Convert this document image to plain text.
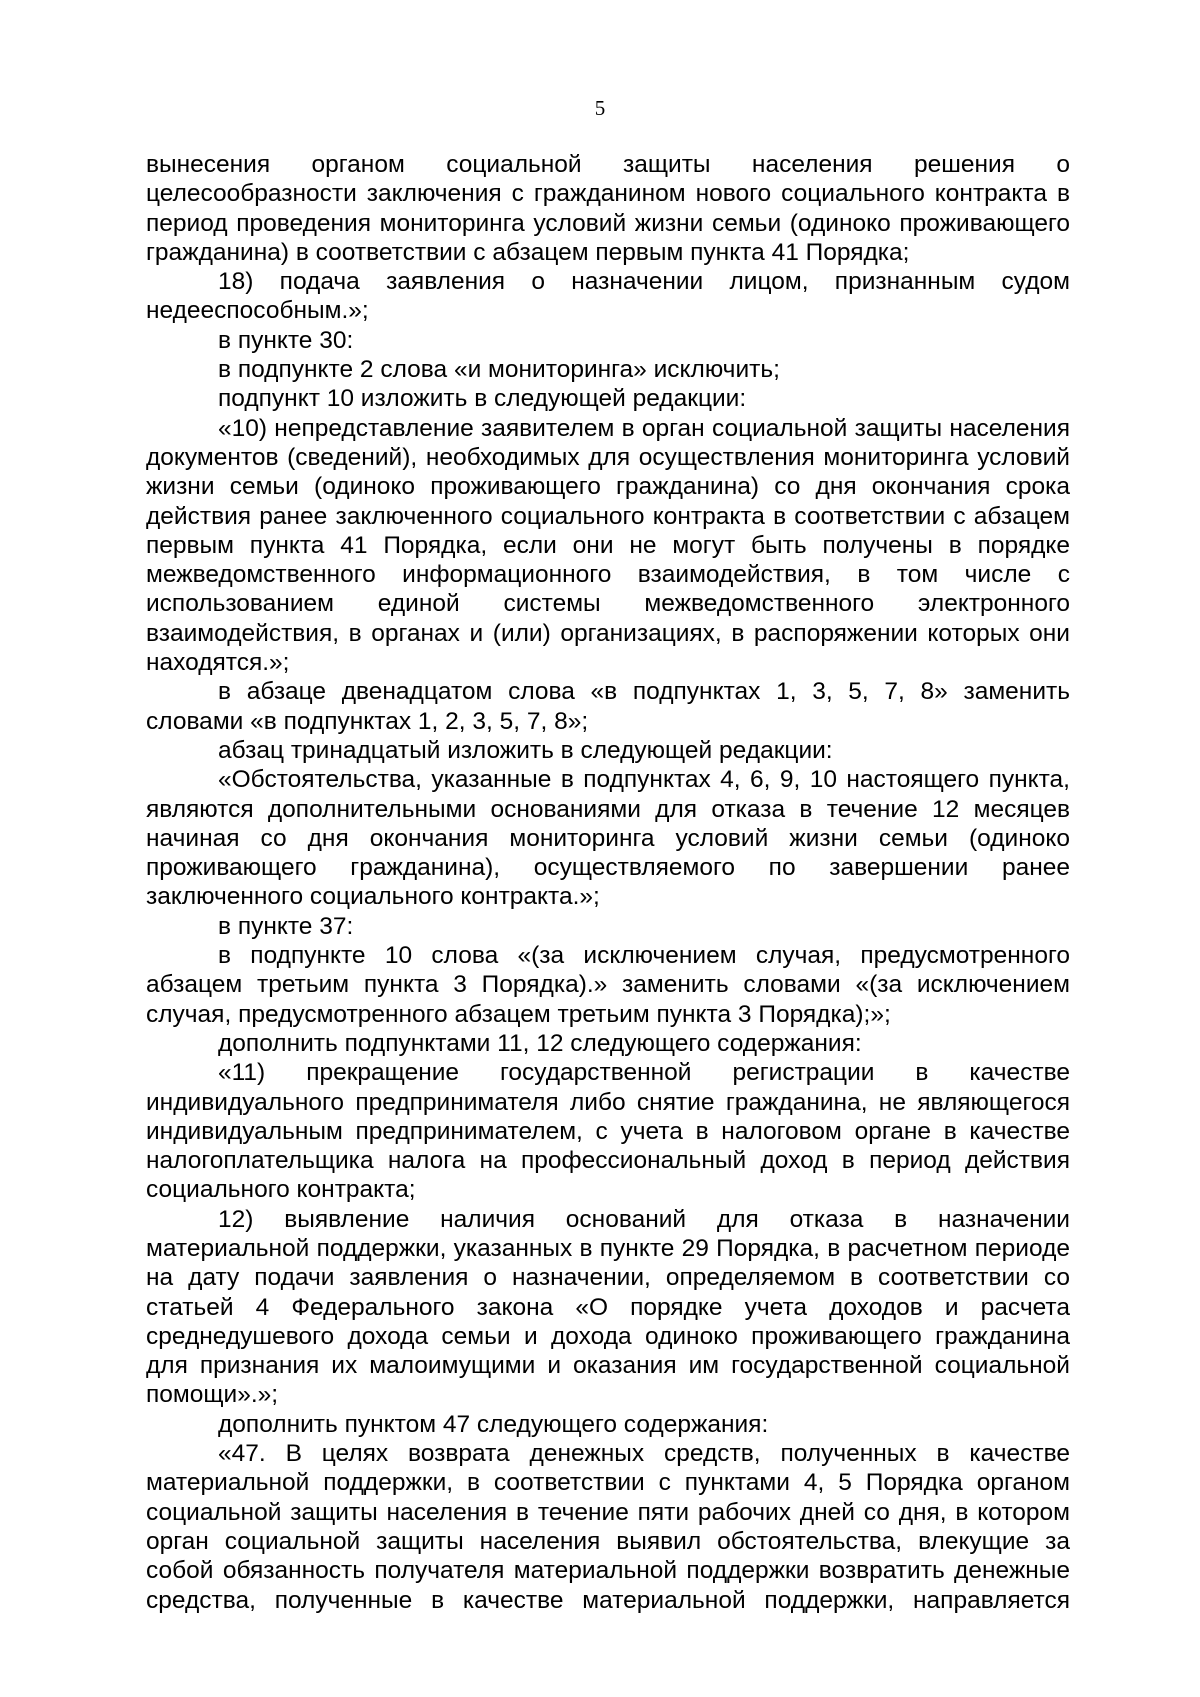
5

вынесения органом социальной защиты населения решения о целесообразности заключения с гражданином нового социального контракта в период проведения мониторинга условий жизни семьи (одиноко проживающего гражданина) в соответствии с абзацем первым пункта 41 Порядка;

18) подача заявления о назначении лицом, признанным судом недееспособным.»;

в пункте 30:

в подпункте 2 слова «и мониторинга» исключить;

подпункт 10 изложить в следующей редакции:

«10) непредставление заявителем в орган социальной защиты населения документов (сведений), необходимых для осуществления мониторинга условий жизни семьи (одиноко проживающего гражданина) со дня окончания срока действия ранее заключенного социального контракта в соответствии с абзацем первым пункта 41 Порядка, если они не могут быть получены в порядке межведомственного информационного взаимодействия, в том числе с использованием единой системы межведомственного электронного взаимодействия, в органах и (или) организациях, в распоряжении которых они находятся.»;

в абзаце двенадцатом слова «в подпунктах 1, 3, 5, 7, 8» заменить словами «в подпунктах 1, 2, 3, 5, 7, 8»;

абзац тринадцатый изложить в следующей редакции:

«Обстоятельства, указанные в подпунктах 4, 6, 9, 10 настоящего пункта, являются дополнительными основаниями для отказа в течение 12 месяцев начиная со дня окончания мониторинга условий жизни семьи (одиноко проживающего гражданина), осуществляемого по завершении ранее заключенного социального контракта.»;

в пункте 37:

в подпункте 10 слова «(за исключением случая, предусмотренного абзацем третьим пункта 3 Порядка).» заменить словами «(за исключением случая, предусмотренного абзацем третьим пункта 3 Порядка);»;

дополнить подпунктами 11, 12 следующего содержания:

«11) прекращение государственной регистрации в качестве индивидуального предпринимателя либо снятие гражданина, не являющегося индивидуальным предпринимателем, с учета в налоговом органе в качестве налогоплательщика налога на профессиональный доход в период действия социального контракта;

12) выявление наличия оснований для отказа в назначении материальной поддержки, указанных в пункте 29 Порядка, в расчетном периоде на дату подачи заявления о назначении, определяемом в соответствии со статьей 4 Федерального закона «О порядке учета доходов и расчета среднедушевого дохода семьи и дохода одиноко проживающего гражданина для признания их малоимущими и оказания им государственной социальной помощи».»;

дополнить пунктом 47 следующего содержания:

«47. В целях возврата денежных средств, полученных в качестве материальной поддержки, в соответствии с пунктами 4, 5 Порядка органом социальной защиты населения в течение пяти рабочих дней со дня, в котором орган социальной защиты населения выявил обстоятельства, влекущие за собой обязанность получателя материальной поддержки возвратить денежные средства, полученные в качестве материальной поддержки, направляется
